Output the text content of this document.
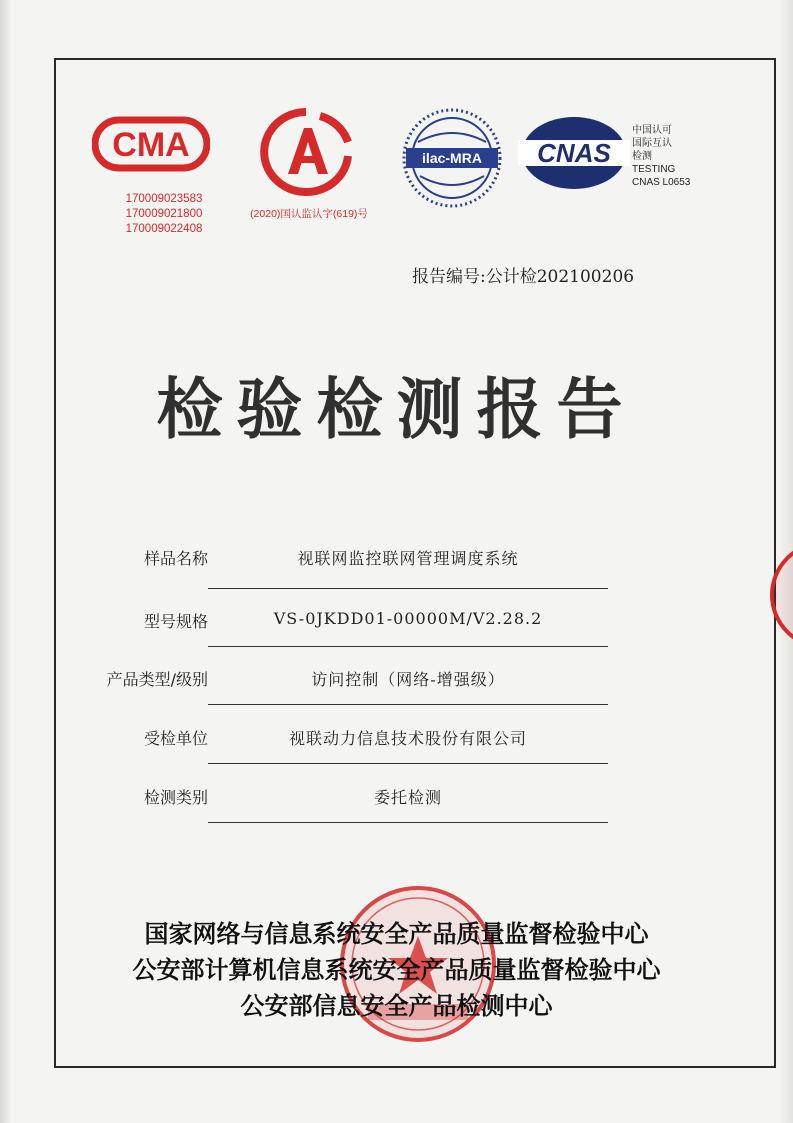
CMA
170009023583
170009021800
170009022408
CAL
(2020)国认监认字(619)号
ilac-MRA CNAS
中国认可
国际互认
检测
TESTING
CNAS L0653
报告编号:公计检202100206
检验检测报告
样品名称	视联网监控联网管理调度系统
型号规格	VS-0JKDD01-00000M/V2.28.2
产品类型/级别	访问控制（网络-增强级）
受检单位	视联动力信息技术股份有限公司
检测类别	委托检测
国家网络与信息系统安全产品质量监督检验中心
公安部计算机信息系统安全产品质量监督检验中心
公安部信息安全产品检测中心
